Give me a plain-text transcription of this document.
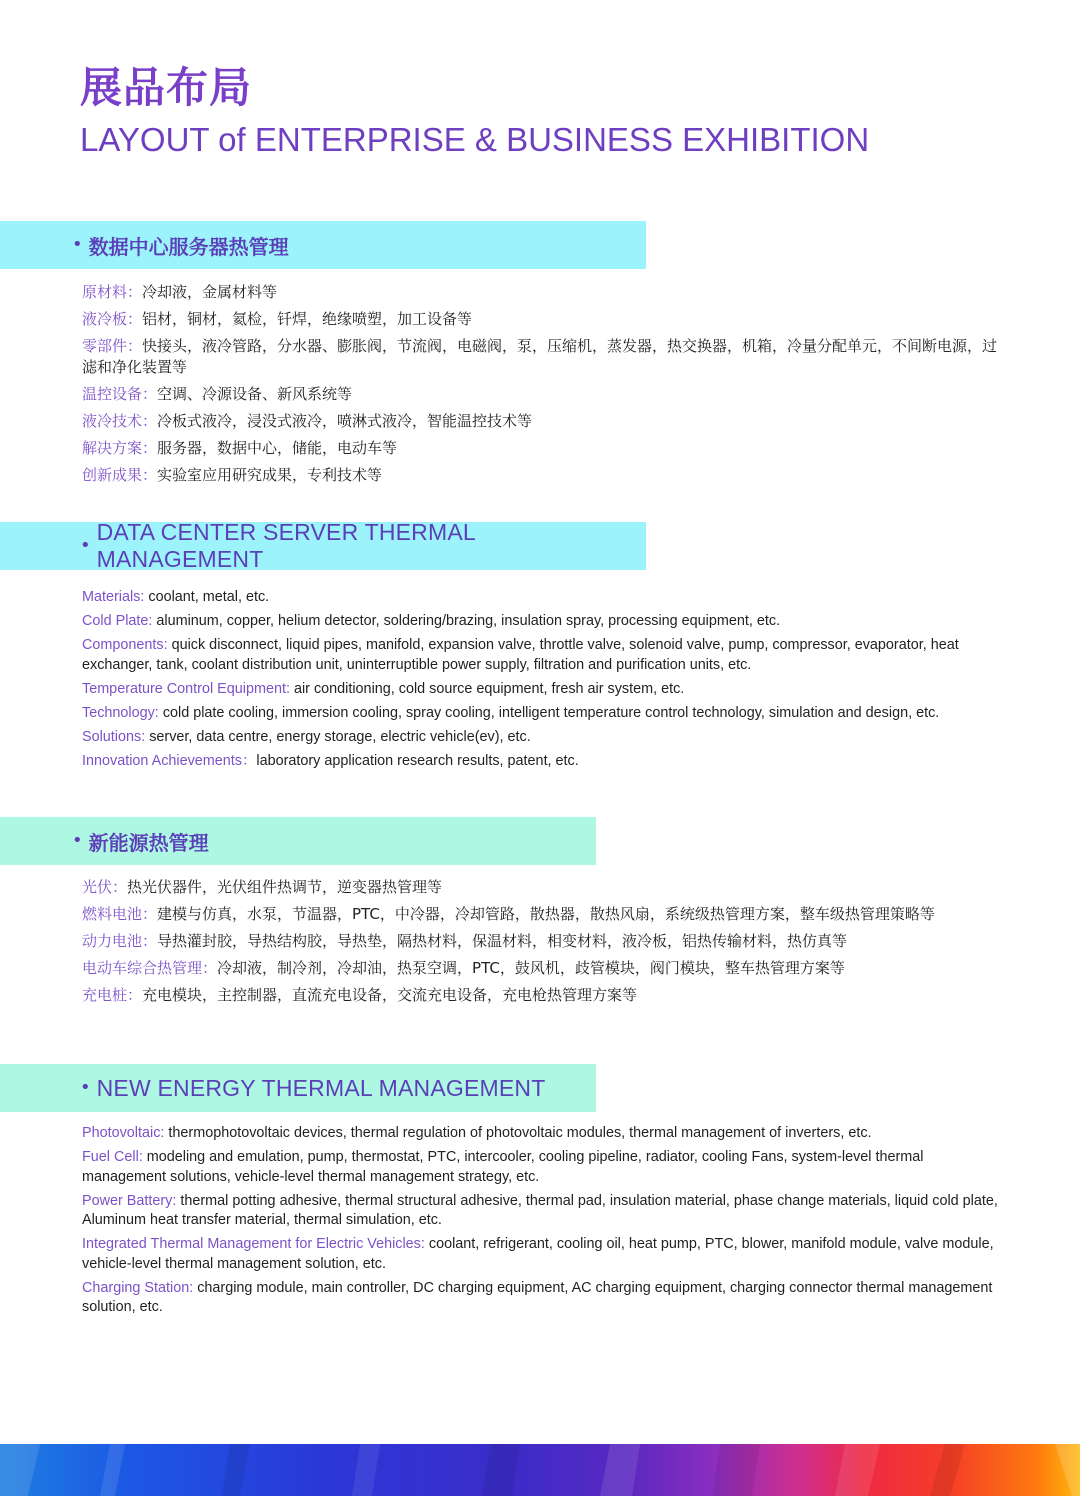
展品布局
LAYOUT of ENTERPRISE & BUSINESS EXHIBITION
• 数据中心服务器热管理
原材料：冷却液，金属材料等
液冷板：铝材，铜材，氦检，钎焊，绝缘喷塑，加工设备等
零部件：快接头，液冷管路，分水器、膨胀阀，节流阀，电磁阀，泵，压缩机，蒸发器，热交换器，机箱，冷量分配单元，不间断电源，过滤和净化装置等
温控设备：空调、冷源设备、新风系统等
液冷技术：冷板式液冷，浸没式液冷，喷淋式液冷，智能温控技术等
解决方案：服务器，数据中心，储能，电动车等
创新成果：实验室应用研究成果，专利技术等
•
DATA CENTER SERVER THERMAL MANAGEMENT
Materials: coolant, metal, etc.
Cold Plate: aluminum, copper, helium detector, soldering/brazing, insulation spray, processing equipment, etc.
Components: quick disconnect, liquid pipes, manifold, expansion valve, throttle valve, solenoid valve, pump, compressor, evaporator, heat exchanger, tank, coolant distribution unit, uninterruptible power supply, filtration and purification units, etc.
Temperature Control Equipment: air conditioning, cold source equipment, fresh air system, etc.
Technology: cold plate cooling, immersion cooling, spray cooling, intelligent temperature control technology, simulation and design, etc.
Solutions: server, data centre, energy storage, electric vehicle(ev), etc.
Innovation Achievements：laboratory application research results, patent, etc.
• 新能源热管理
光伏：热光伏器件，光伏组件热调节，逆变器热管理等
燃料电池：建模与仿真，水泵，节温器，PTC，中冷器，冷却管路，散热器，散热风扇，系统级热管理方案，整车级热管理策略等
动力电池：导热灌封胶，导热结构胶，导热垫，隔热材料，保温材料，相变材料，液冷板，铝热传输材料，热仿真等
电动车综合热管理：冷却液，制冷剂，冷却油，热泵空调，PTC，鼓风机，歧管模块，阀门模块，整车热管理方案等
充电桩：充电模块，主控制器，直流充电设备，交流充电设备，充电枪热管理方案等
• NEW ENERGY THERMAL MANAGEMENT
Photovoltaic: thermophotovoltaic devices, thermal regulation of photovoltaic modules, thermal management of inverters, etc.
Fuel Cell: modeling and emulation, pump, thermostat, PTC, intercooler, cooling pipeline, radiator, cooling Fans, system-level thermal management solutions, vehicle-level thermal management strategy, etc.
Power Battery: thermal potting adhesive, thermal structural adhesive, thermal pad, insulation material, phase change materials, liquid cold plate, Aluminum heat transfer material, thermal simulation, etc.
Integrated Thermal Management for Electric Vehicles: coolant, refrigerant, cooling oil, heat pump, PTC, blower, manifold module, valve module, vehicle-level thermal management solution, etc.
Charging Station: charging module, main controller, DC charging equipment, AC charging equipment, charging connector thermal management solution, etc.
